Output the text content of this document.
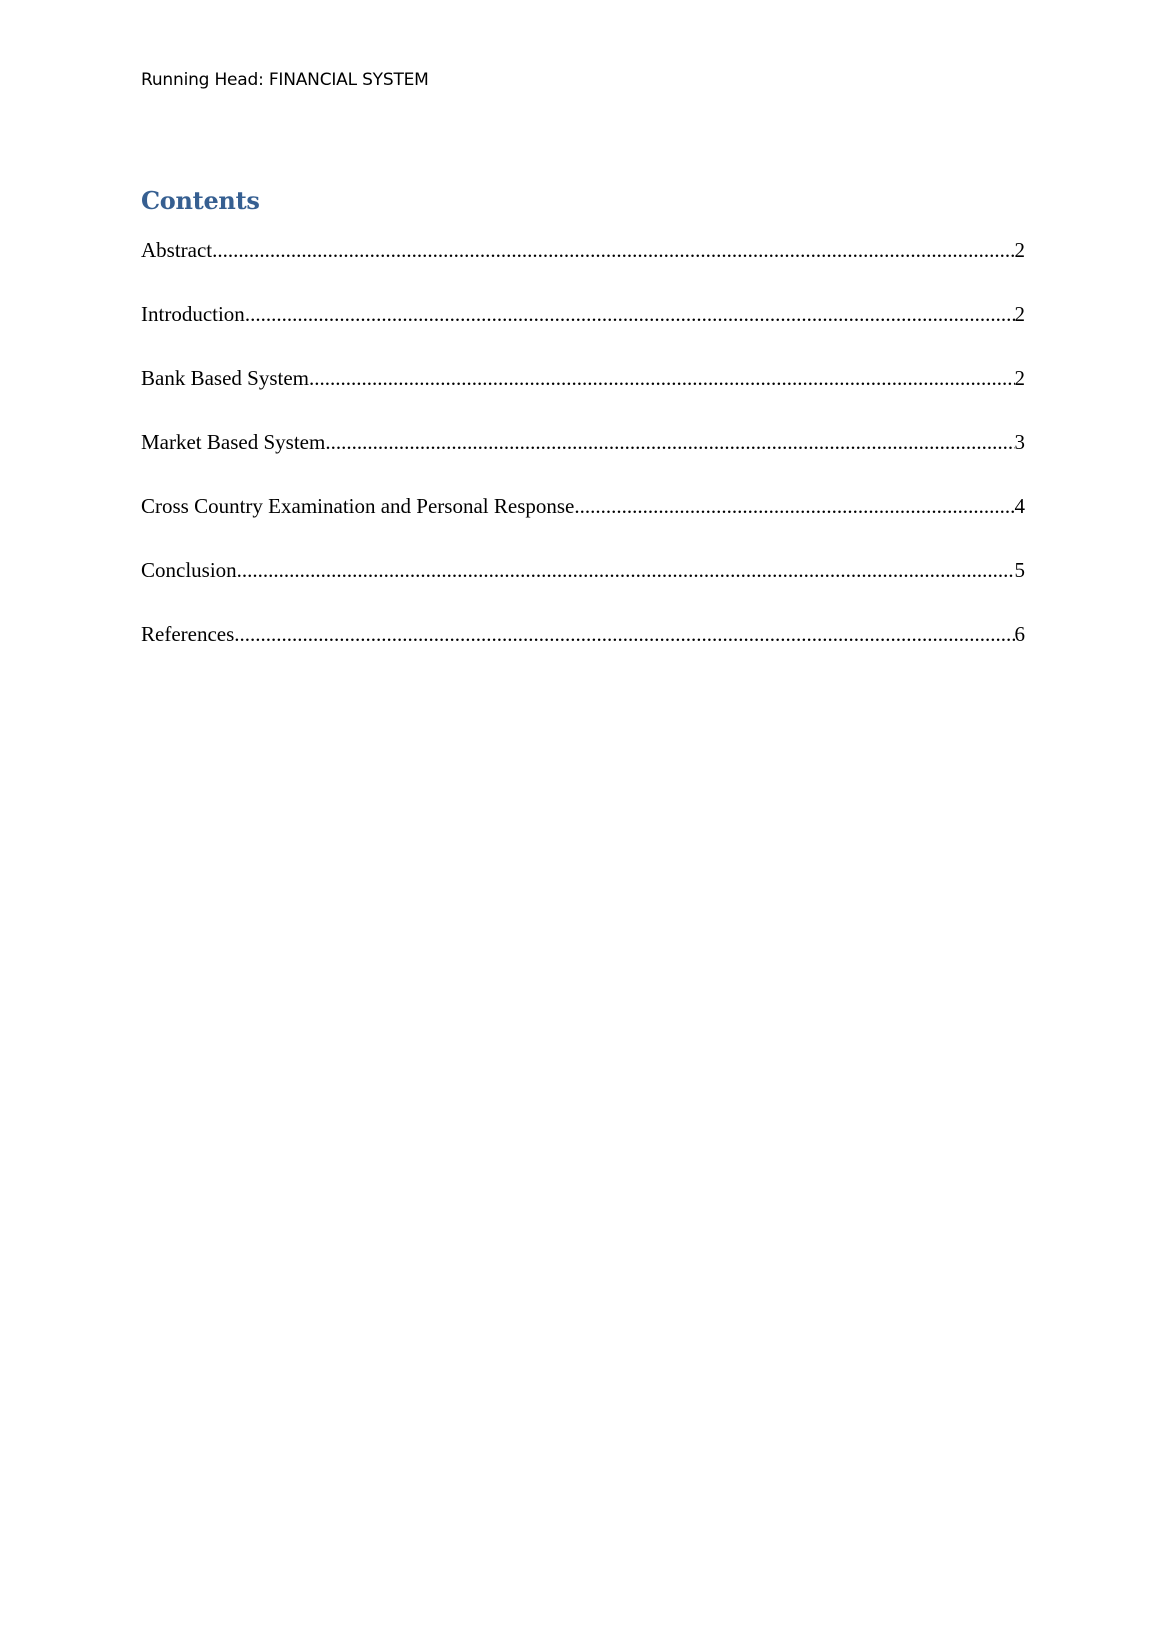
Running Head: FINANCIAL SYSTEM
Contents
Abstract .....	2
Introduction .....	2
Bank Based System .....	2
Market Based System .....	3
Cross Country Examination and Personal Response .....	4
Conclusion .....	5
References .....	6
